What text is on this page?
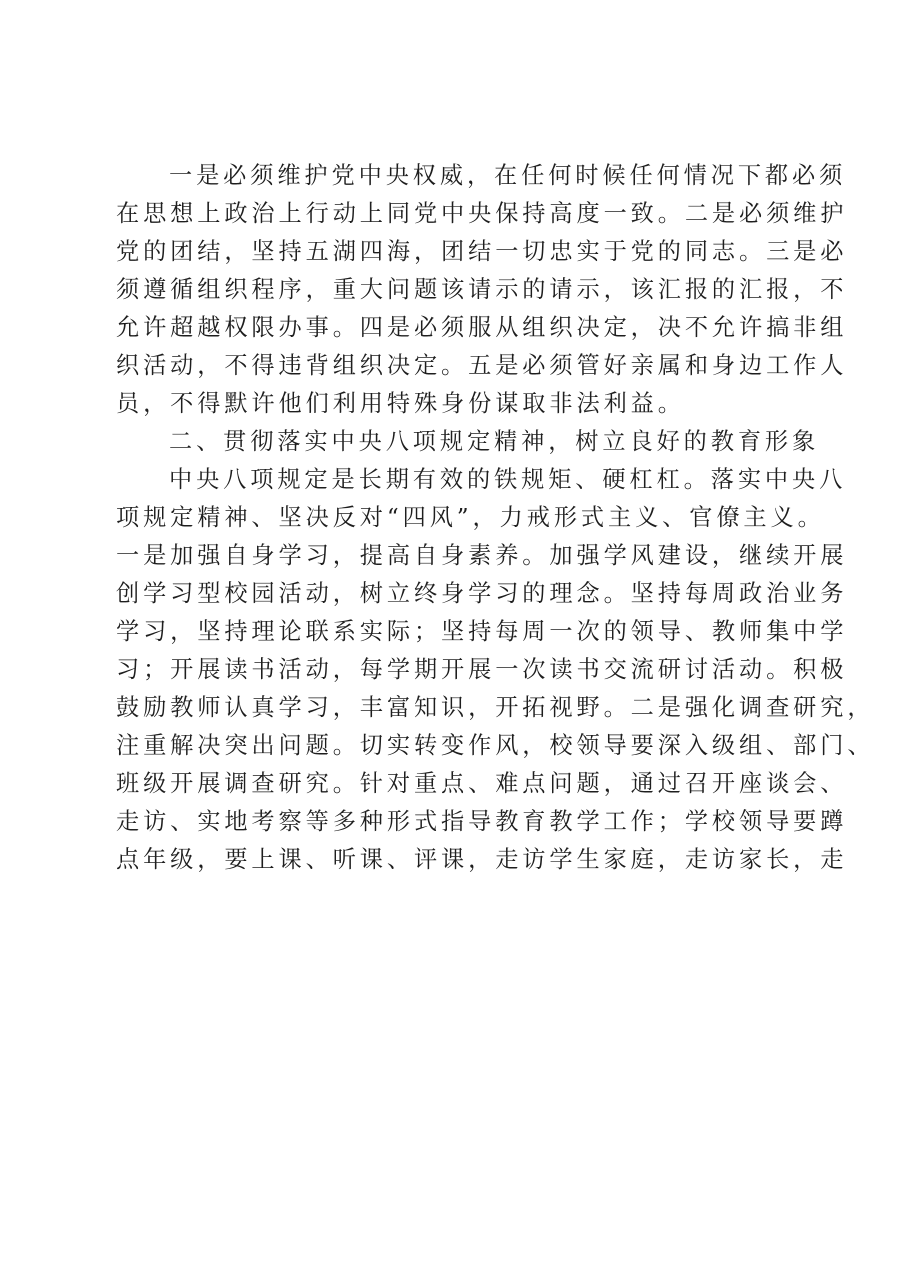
一是必须维护党中央权威，在任何时候任何情况下都必须
在思想上政治上行动上同党中央保持高度一致。二是必须维护
党的团结，坚持五湖四海，团结一切忠实于党的同志。三是必
须遵循组织程序，重大问题该请示的请示，该汇报的汇报，不
允许超越权限办事。四是必须服从组织决定，决不允许搞非组
织活动，不得违背组织决定。五是必须管好亲属和身边工作人
员，不得默许他们利用特殊身份谋取非法利益。
二、贯彻落实中央八项规定精神，树立良好的教育形象
中央八项规定是长期有效的铁规矩、硬杠杠。落实中央八
项规定精神、坚决反对“四风”，力戒形式主义、官僚主义。
一是加强自身学习，提高自身素养。加强学风建设，继续开展
创学习型校园活动，树立终身学习的理念。坚持每周政治业务
学习，坚持理论联系实际；坚持每周一次的领导、教师集中学
习；开展读书活动，每学期开展一次读书交流研讨活动。积极
鼓励教师认真学习，丰富知识，开拓视野。二是强化调查研究，
注重解决突出问题。切实转变作风，校领导要深入级组、部门、
班级开展调查研究。针对重点、难点问题，通过召开座谈会、
走访、实地考察等多种形式指导教育教学工作；学校领导要蹲
点年级，要上课、听课、评课，走访学生家庭，走访家长，走
